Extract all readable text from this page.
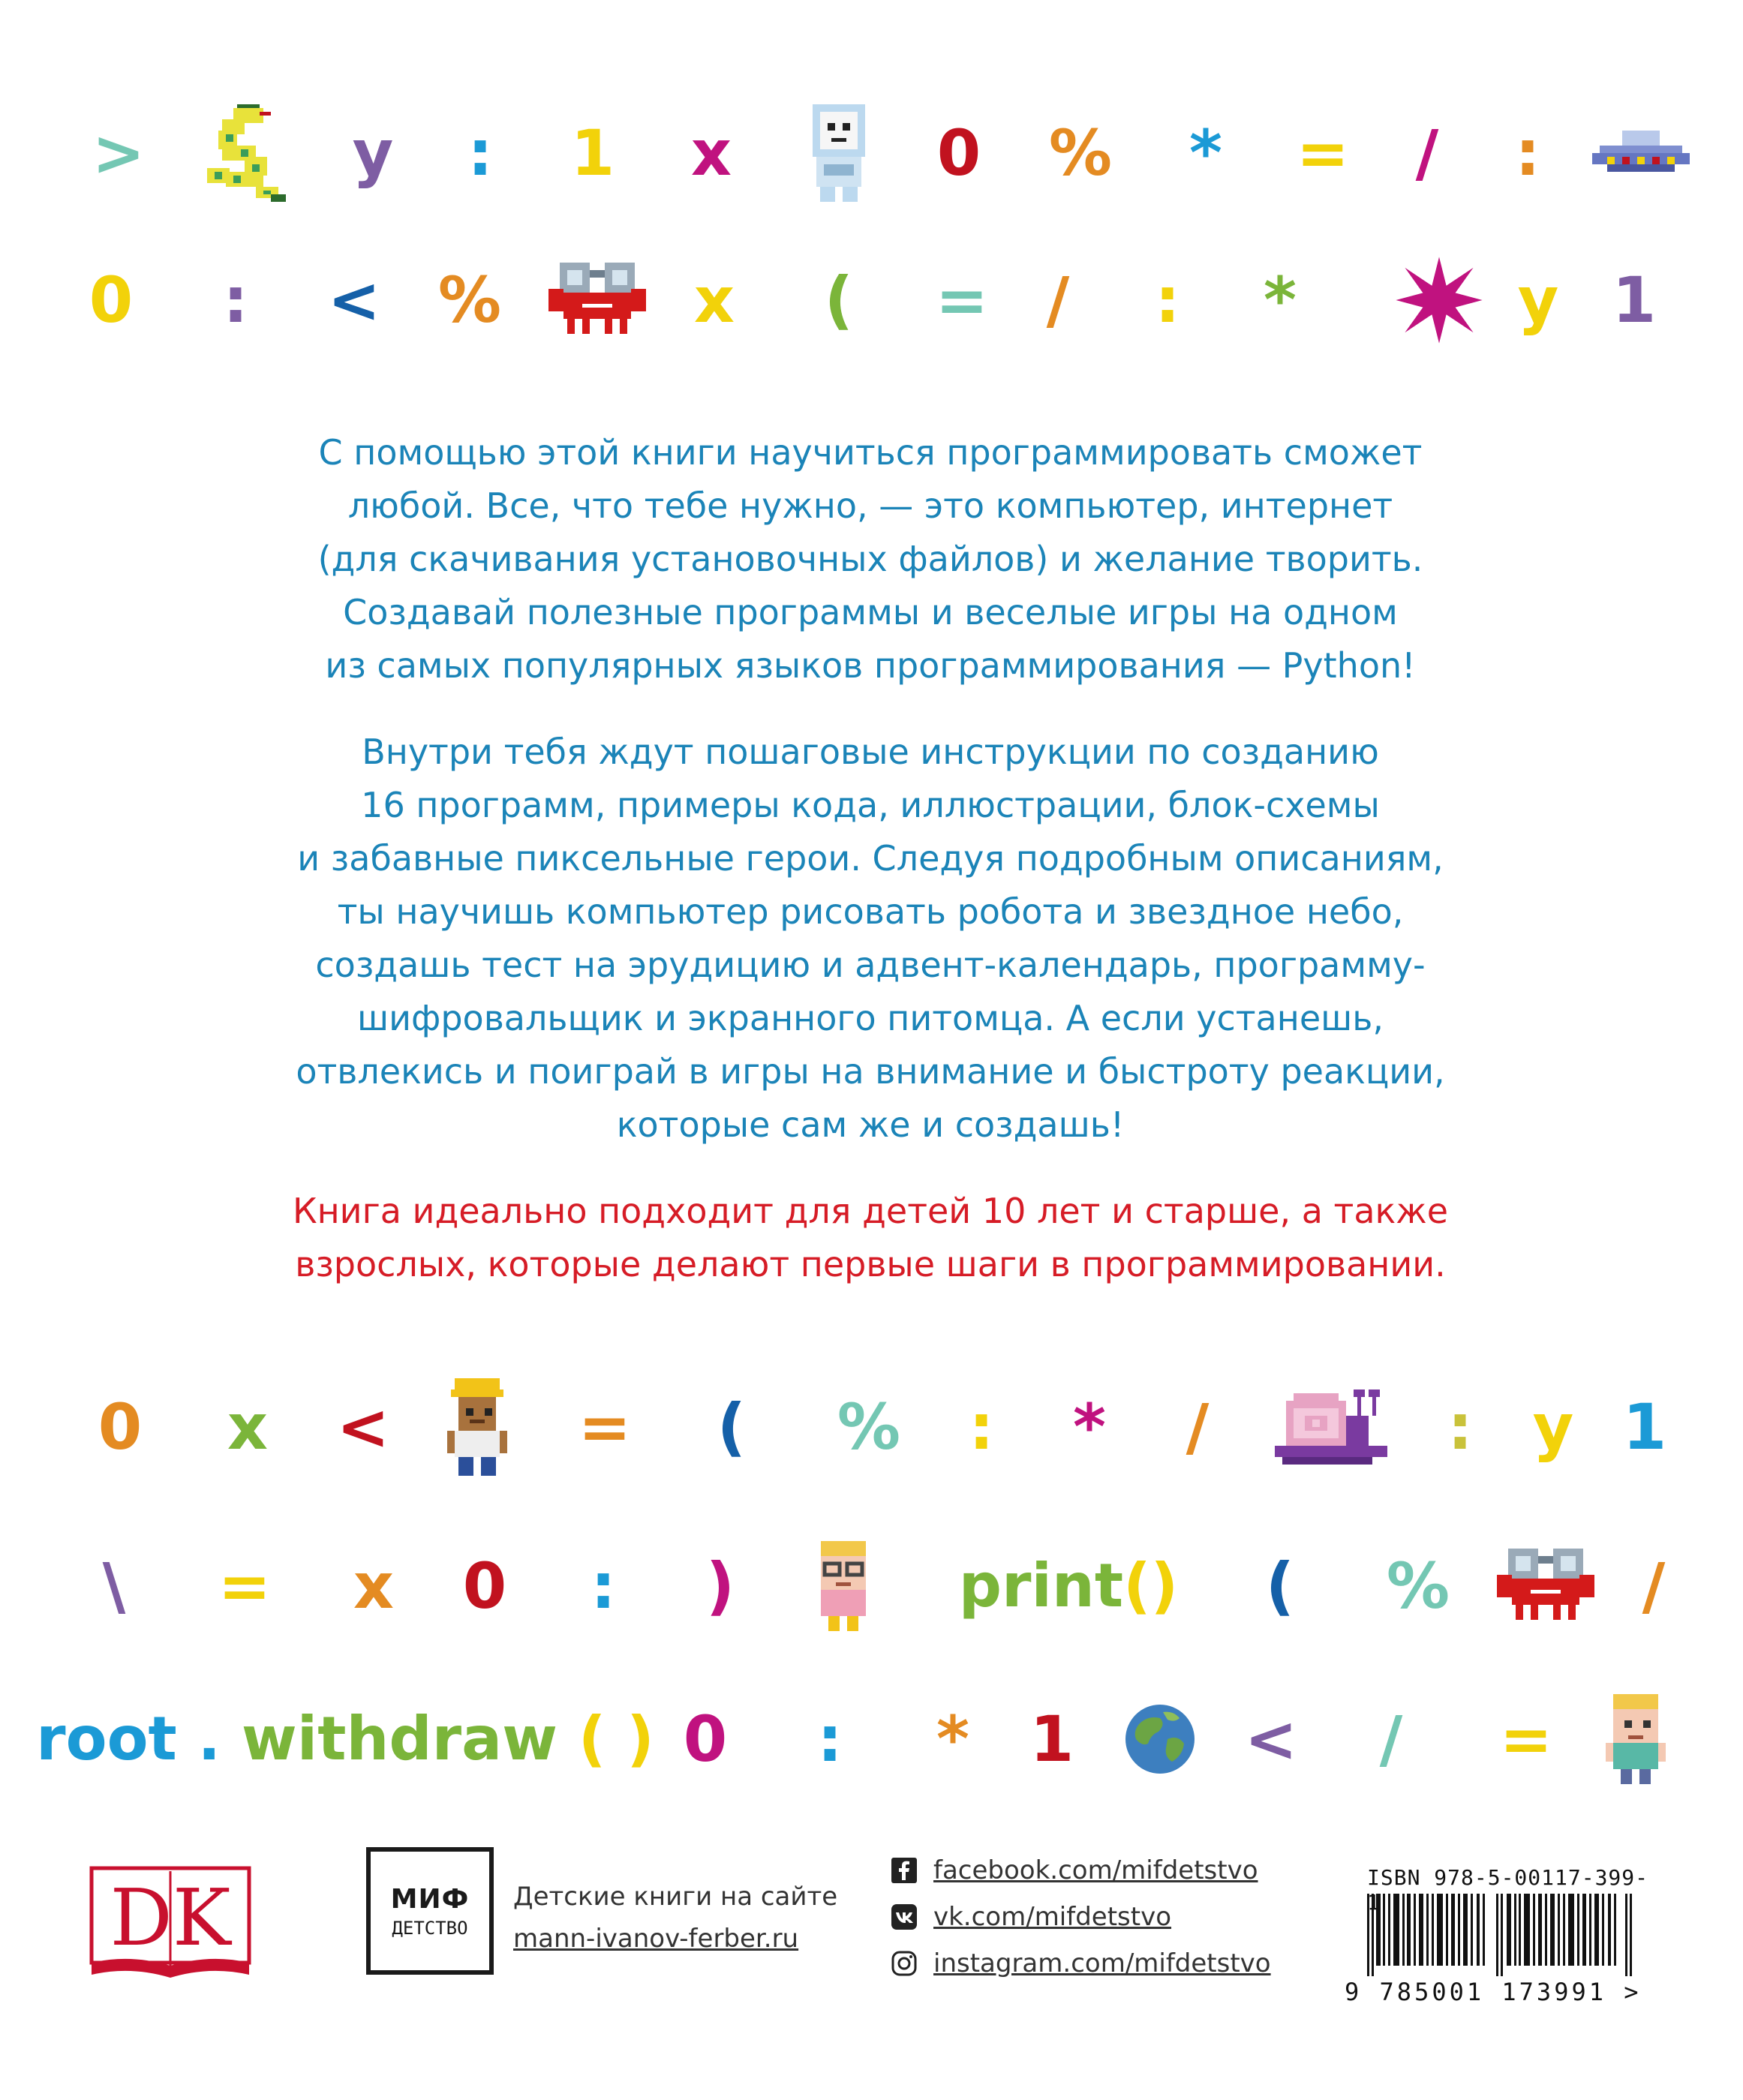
>	y : 1 x	0 % * = / :
0 : < %	x ( = / : *	y 1

С помощью этой книги научиться программировать сможет
любой. Все, что тебе нужно, — это компьютер, интернет
(для скачивания установочных файлов) и желание творить.
Создавай полезные программы и веселые игры на одном
из самых популярных языков программирования — Python!

Внутри тебя ждут пошаговые инструкции по созданию
16 программ, примеры кода, иллюстрации, блок-схемы
и забавные пиксельные герои. Следуя подробным описаниям,
ты научишь компьютер рисовать робота и звездное небо,
создашь тест на эрудицию и адвент-календарь, программу-
шифровальщик и экранного питомца. А если устанешь,
отвлекись и поиграй в игры на внимание и быстроту реакции,
которые сам же и создашь!

Книга идеально подходит для детей 10 лет и старше, а также
взрослых, которые делают первые шаги в программировании.

0 x <	= ( % : * /	: y 1
\ = x 0 : )	print () ( %	/
root . withdraw ( ) 0 : * 1	< / =
DK	МИФ
ДЕТСТВО
Детские книги на сайте
mann-ivanov-ferber.ru
facebook.com/mifdetstvo
vk.com/mifdetstvo
instagram.com/mifdetstvo
ISBN 978-5-00117-399-
9 785001 173991 >
